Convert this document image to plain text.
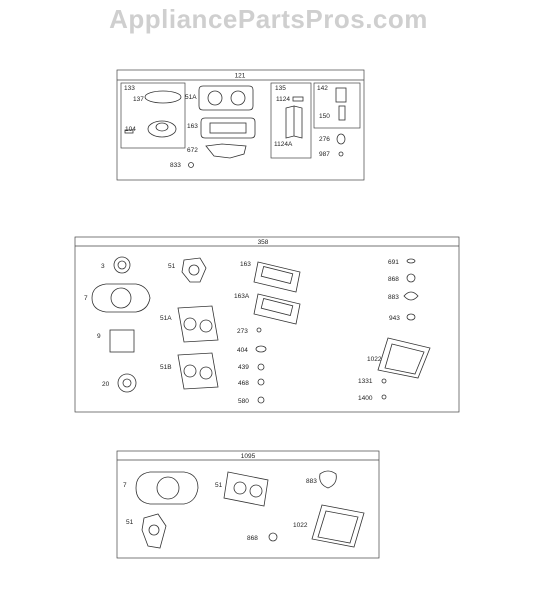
AppliancePartsPros.com
121
133	135	142
137
104
51A
163
672
833
1124
1124A
150
276
987
358
3
7
9
20
51
51A
51B
163
163A
273
404
439
468
580
691
868
883
943
1022
1331
1400
1095
7
51
51
883
1022
868
